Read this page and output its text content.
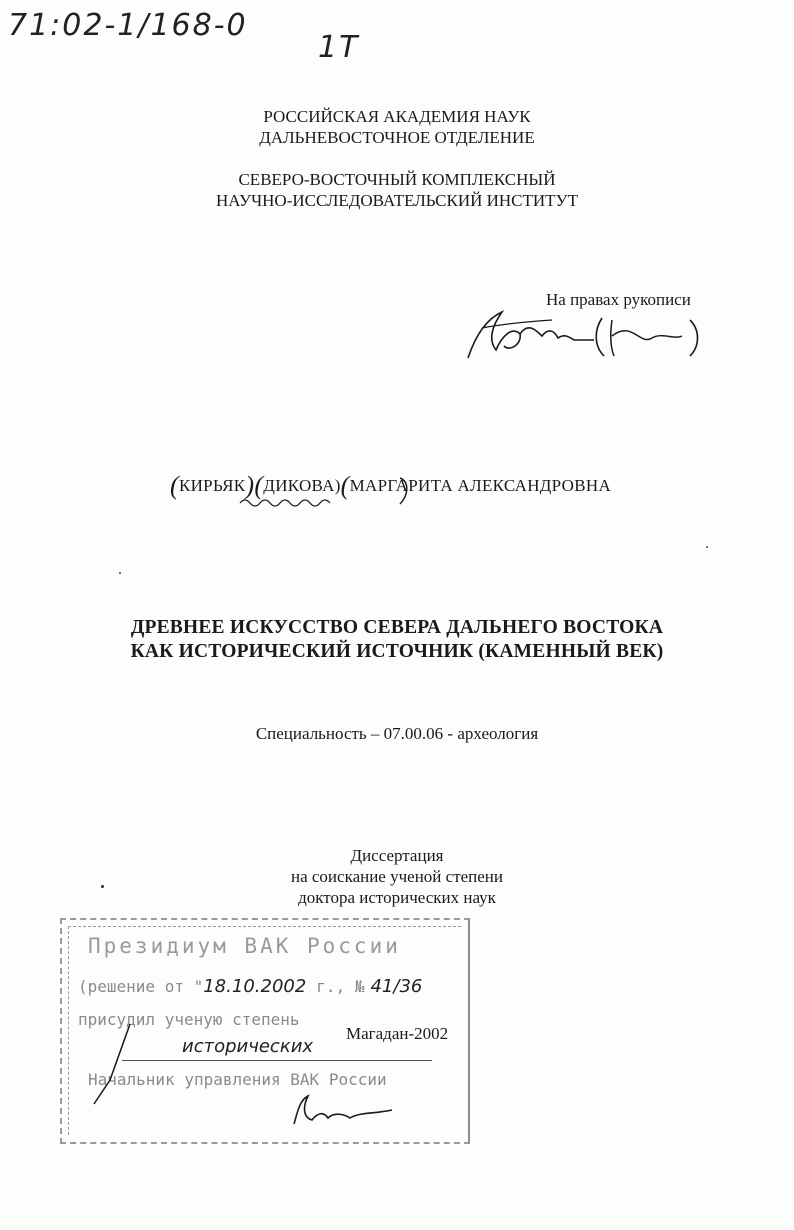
71:02-1/168-0
1Т
РОССИЙСКАЯ АКАДЕМИЯ НАУК
ДАЛЬНЕВОСТОЧНОЕ ОТДЕЛЕНИЕ
СЕВЕРО-ВОСТОЧНЫЙ КОМПЛЕКСНЫЙ
НАУЧНО-ИССЛЕДОВАТЕЛЬСКИЙ ИНСТИТУТ
На правах рукописи
(КИРЬЯК)(ДИКОВА)(МАРГАРИТА АЛЕКСАНДРОВНА
ДРЕВНЕЕ ИСКУССТВО СЕВЕРА ДАЛЬНЕГО ВОСТОКА
КАК ИСТОРИЧЕСКИЙ ИСТОЧНИК (КАМЕННЫЙ ВЕК)
Специальность – 07.00.06 - археология
Диссертация
на соискание ученой степени
доктора исторических наук
Президиум ВАК России
(решение от "18.10.2002 г., № 41/36
присудил ученую степень
исторических
Начальник управления ВАК России
Магадан-2002
